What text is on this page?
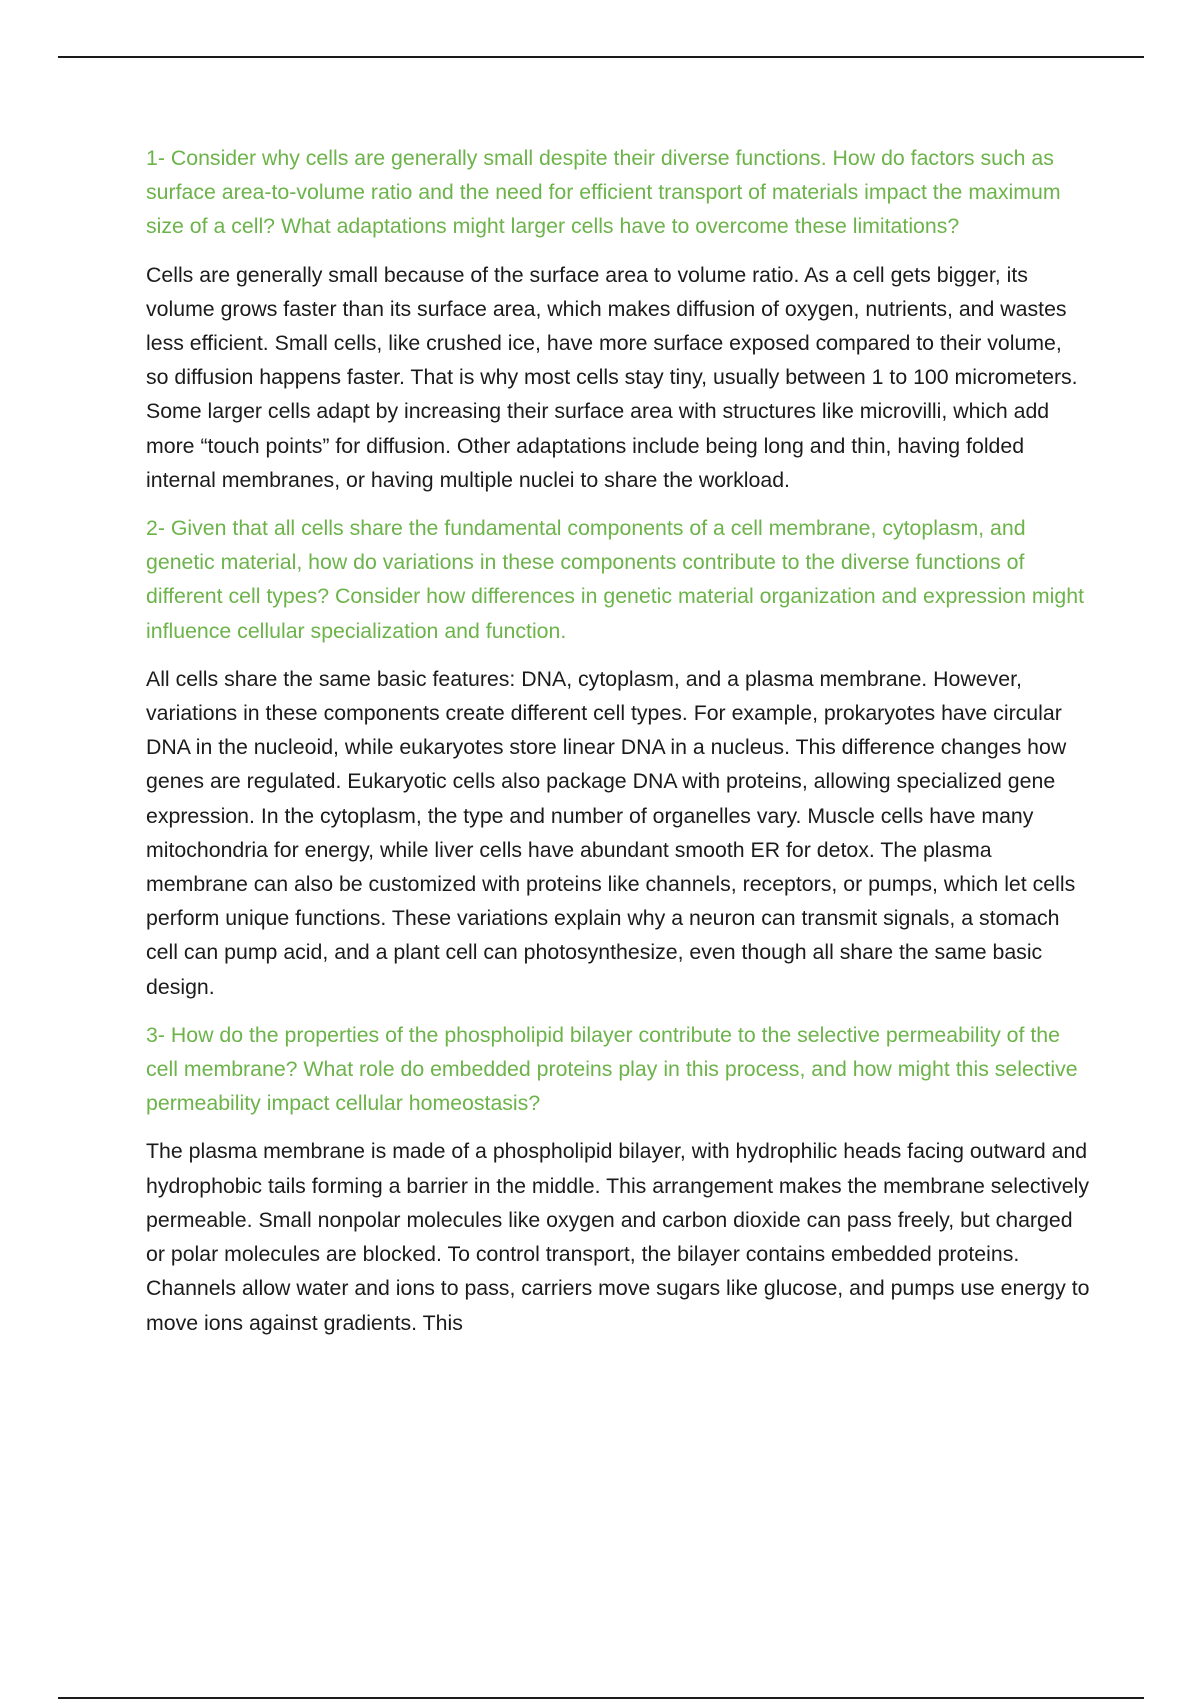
1- Consider why cells are generally small despite their diverse functions. How do factors such as surface area-to-volume ratio and the need for efficient transport of materials impact the maximum size of a cell? What adaptations might larger cells have to overcome these limitations?

Cells are generally small because of the surface area to volume ratio. As a cell gets bigger, its volume grows faster than its surface area, which makes diffusion of oxygen, nutrients, and wastes less efficient. Small cells, like crushed ice, have more surface exposed compared to their volume, so diffusion happens faster. That is why most cells stay tiny, usually between 1 to 100 micrometers. Some larger cells adapt by increasing their surface area with structures like microvilli, which add more “touch points” for diffusion. Other adaptations include being long and thin, having folded internal membranes, or having multiple nuclei to share the workload.

2- Given that all cells share the fundamental components of a cell membrane, cytoplasm, and genetic material, how do variations in these components contribute to the diverse functions of different cell types? Consider how differences in genetic material organization and expression might influence cellular specialization and function.

All cells share the same basic features: DNA, cytoplasm, and a plasma membrane. However, variations in these components create different cell types. For example, prokaryotes have circular DNA in the nucleoid, while eukaryotes store linear DNA in a nucleus. This difference changes how genes are regulated. Eukaryotic cells also package DNA with proteins, allowing specialized gene expression. In the cytoplasm, the type and number of organelles vary. Muscle cells have many mitochondria for energy, while liver cells have abundant smooth ER for detox. The plasma membrane can also be customized with proteins like channels, receptors, or pumps, which let cells perform unique functions. These variations explain why a neuron can transmit signals, a stomach cell can pump acid, and a plant cell can photosynthesize, even though all share the same basic design.

3- How do the properties of the phospholipid bilayer contribute to the selective permeability of the cell membrane? What role do embedded proteins play in this process, and how might this selective permeability impact cellular homeostasis?

The plasma membrane is made of a phospholipid bilayer, with hydrophilic heads facing outward and hydrophobic tails forming a barrier in the middle. This arrangement makes the membrane selectively permeable. Small nonpolar molecules like oxygen and carbon dioxide can pass freely, but charged or polar molecules are blocked. To control transport, the bilayer contains embedded proteins. Channels allow water and ions to pass, carriers move sugars like glucose, and pumps use energy to move ions against gradients. This
